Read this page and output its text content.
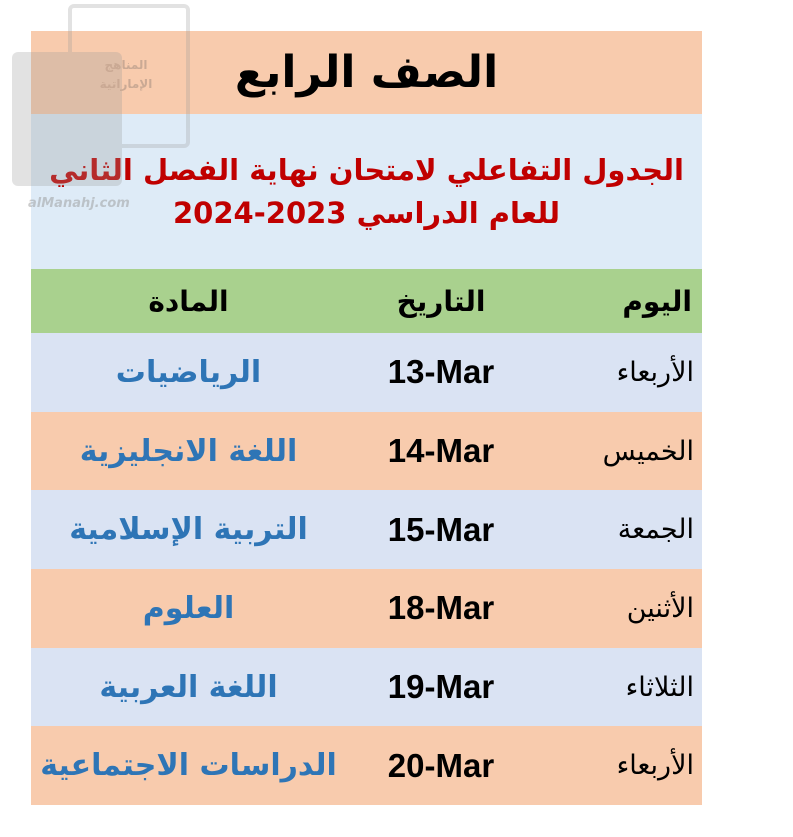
الصف الرابع
الجدول التفاعلي لامتحان نهاية الفصل الثاني
للعام الدراسي 2023-2024
اليوم
التاريخ
المادة
الأربعاء
13-Mar
الرياضيات
الخميس
14-Mar
اللغة الانجليزية
الجمعة
15-Mar
التربية الإسلامية
الأثنين
18-Mar
العلوم
الثلاثاء
19-Mar
اللغة العربية
الأربعاء
20-Mar
الدراسات الاجتماعية
المناهج
الإماراتية
alManahj.com
